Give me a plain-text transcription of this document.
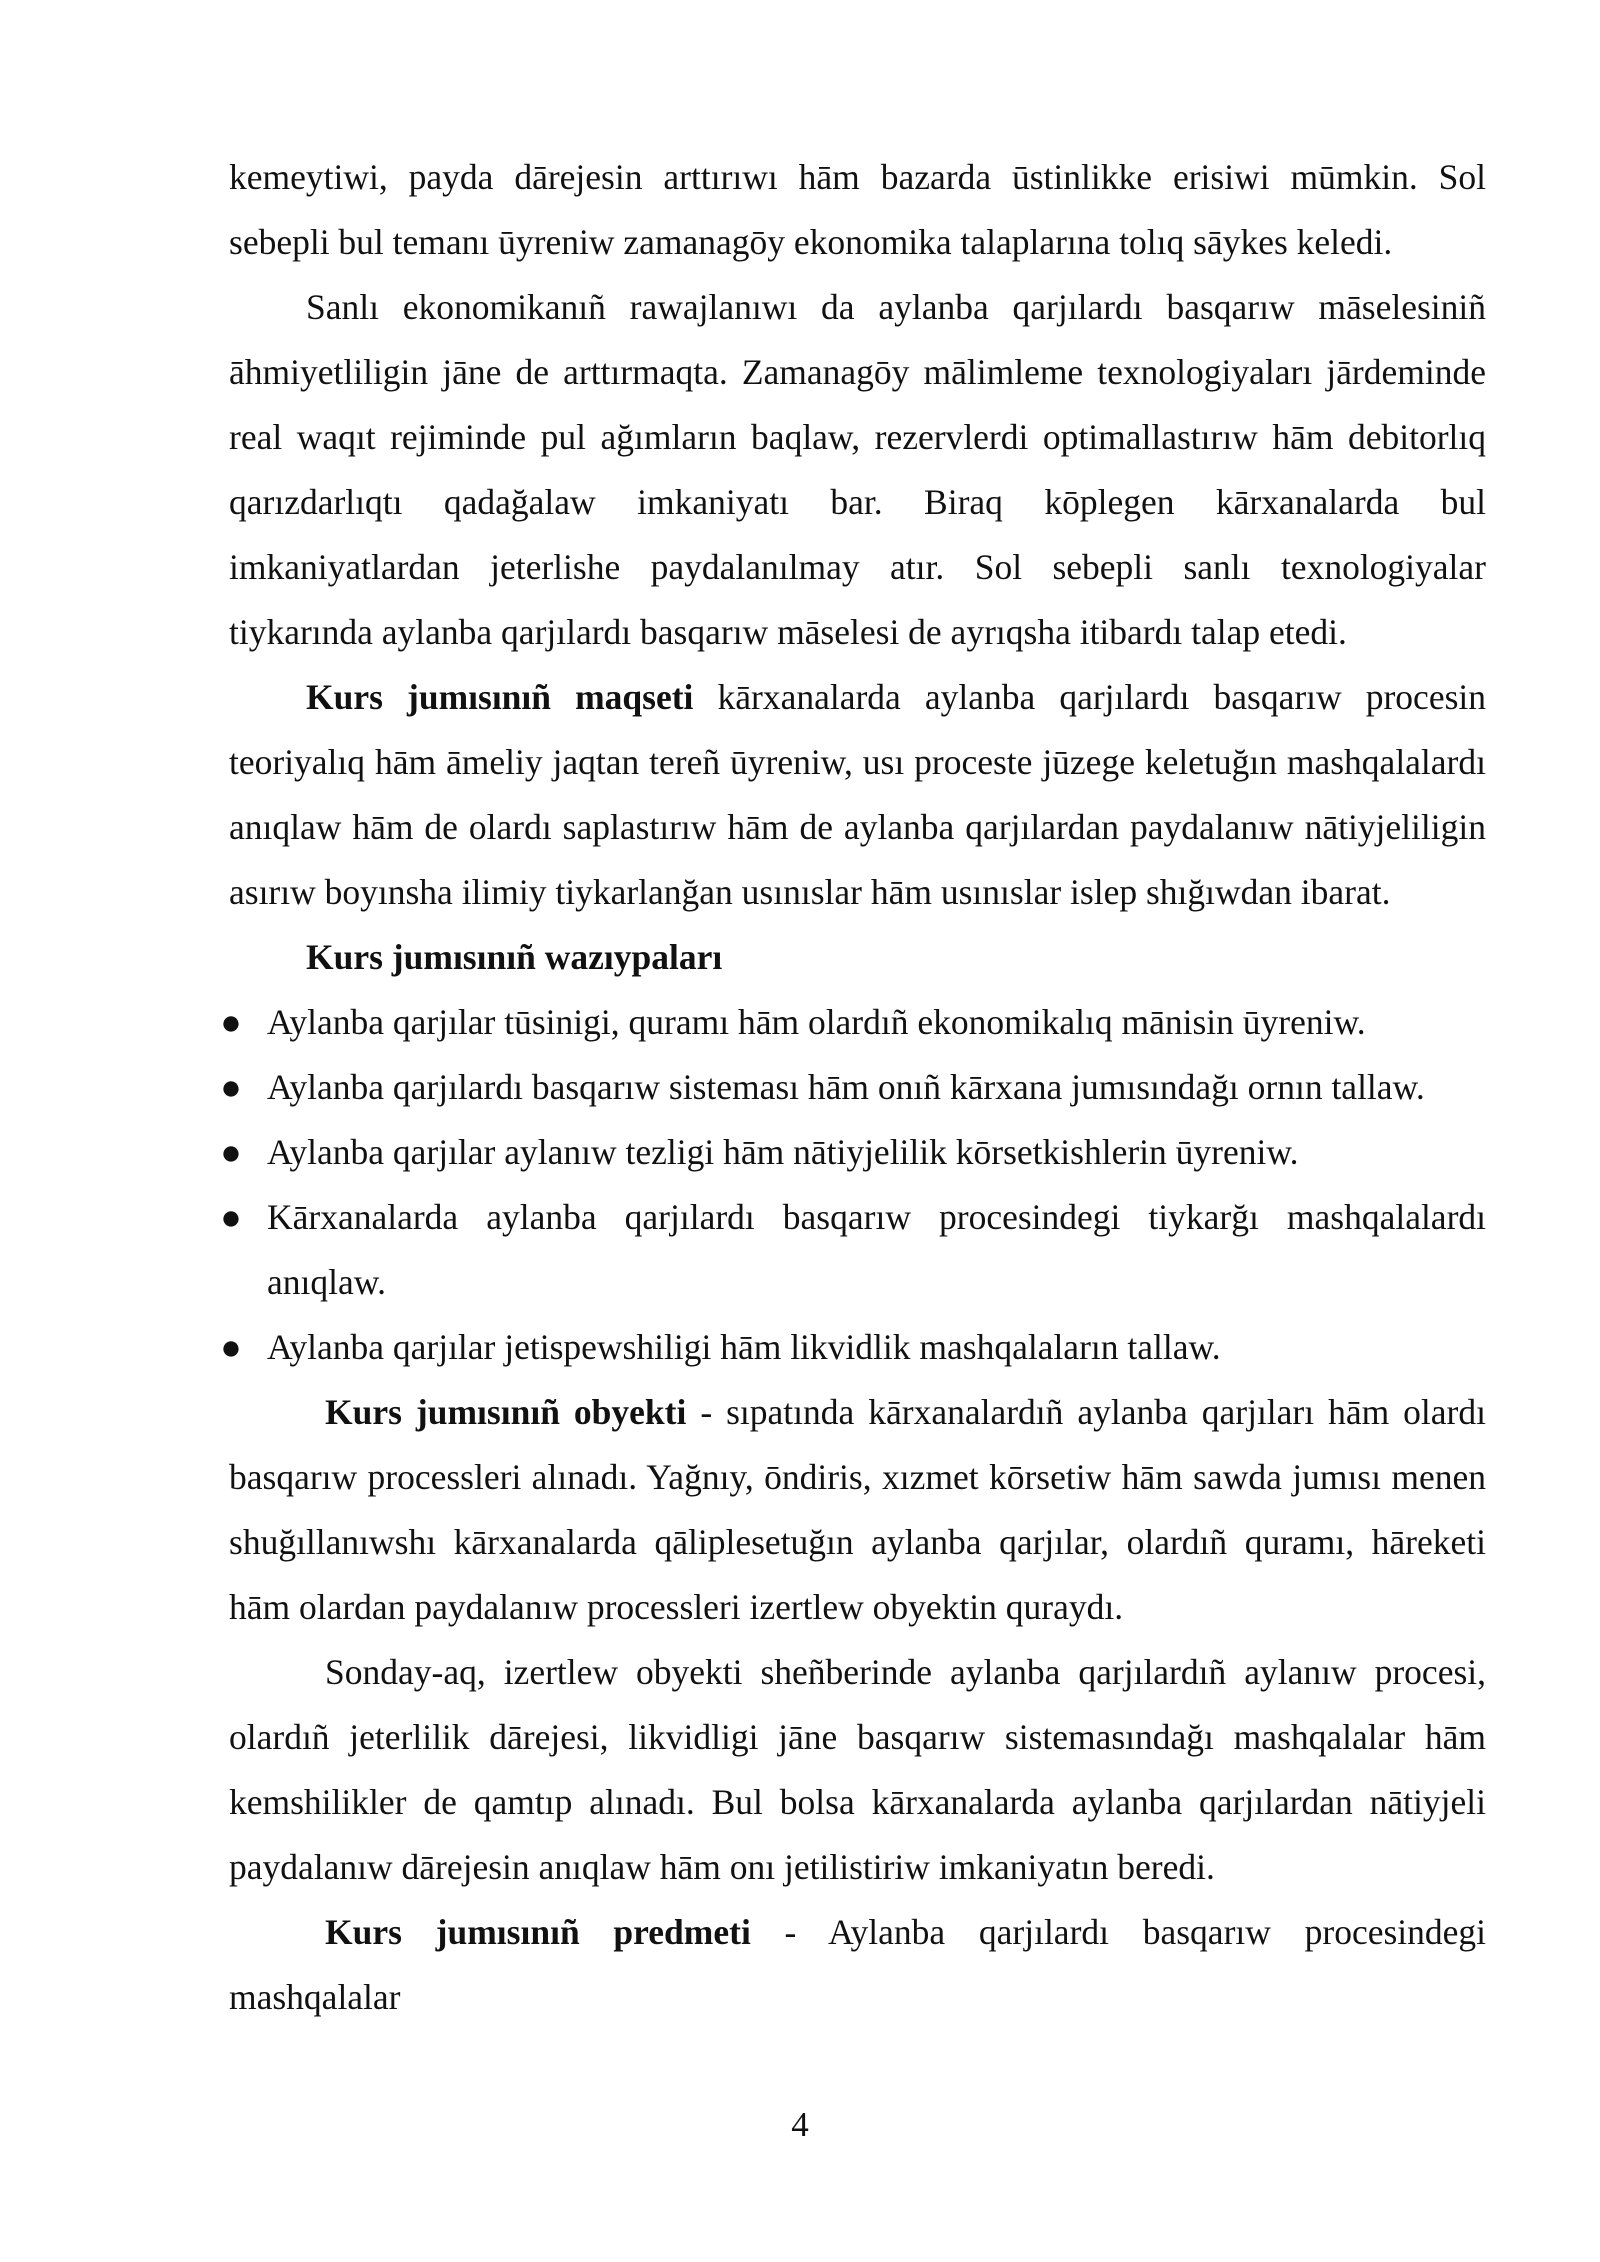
kemeytiwi, payda dārejesin arttırıwı hām bazarda ūstinlikke erisiwi mūmkin. Sol sebepli bul temanı ūyreniw zamanagōy ekonomika talaplarına tolıq sāykes keledi.

Sanlı ekonomikanıñ rawajlanıwı da aylanba qarjılardı basqarıw māselesiniñ āhmiyetliligin jāne de arttırmaqta. Zamanagōy mālimleme texnologiyaları jārdeminde real waqıt rejiminde pul ağımların baqlaw, rezervlerdi optimallastırıw hām debitorlıq qarızdarlıqtı qadağalaw imkaniyatı bar. Biraq kōplegen kārxanalarda bul imkaniyatlardan jeterlishe paydalanılmay atır. Sol sebepli sanlı texnologiyalar tiykarında aylanba qarjılardı basqarıw māselesi de ayrıqsha itibardı talap etedi.

Kurs jumısınıñ maqseti kārxanalarda aylanba qarjılardı basqarıw procesin teoriyalıq hām āmeliy jaqtan tereñ ūyreniw, usı proceste jūzege keletuğın mashqalalardı anıqlaw hām de olardı saplastırıw hām de aylanba qarjılardan paydalanıw nātiyjeliligin asırıw boyınsha ilimiy tiykarlanğan usınıslar hām usınıslar islep shığıwdan ibarat.

Kurs jumısınıñ wazıypaları

● Aylanba qarjılar tūsinigi, quramı hām olardıñ ekonomikalıq mānisin ūyreniw.
● Aylanba qarjılardı basqarıw sisteması hām onıñ kārxana jumısındağı ornın tallaw.
● Aylanba qarjılar aylanıw tezligi hām nātiyjelilik kōrsetkishlerin ūyreniw.
● Kārxanalarda aylanba qarjılardı basqarıw procesindegi tiykarğı mashqalalardı anıqlaw.
● Aylanba qarjılar jetispewshiligi hām likvidlik mashqalaların tallaw.

Kurs jumısınıñ obyekti - sıpatında kārxanalardıñ aylanba qarjıları hām olardı basqarıw processleri alınadı. Yağnıy, ōndiris, xızmet kōrsetiw hām sawda jumısı menen shuğıllanıwshı kārxanalarda qāliplesetuğın aylanba qarjılar, olardıñ quramı, hāreketi hām olardan paydalanıw processleri izertlew obyektin quraydı.

Sonday-aq, izertlew obyekti sheñberinde aylanba qarjılardıñ aylanıw procesi, olardıñ jeterlilik dārejesi, likvidligi jāne basqarıw sistemasındağı mashqalalar hām kemshilikler de qamtıp alınadı. Bul bolsa kārxanalarda aylanba qarjılardan nātiyjeli paydalanıw dārejesin anıqlaw hām onı jetilistiriw imkaniyatın beredi.

Kurs jumısınıñ predmeti - Aylanba qarjılardı basqarıw procesindegi mashqalalar

4
